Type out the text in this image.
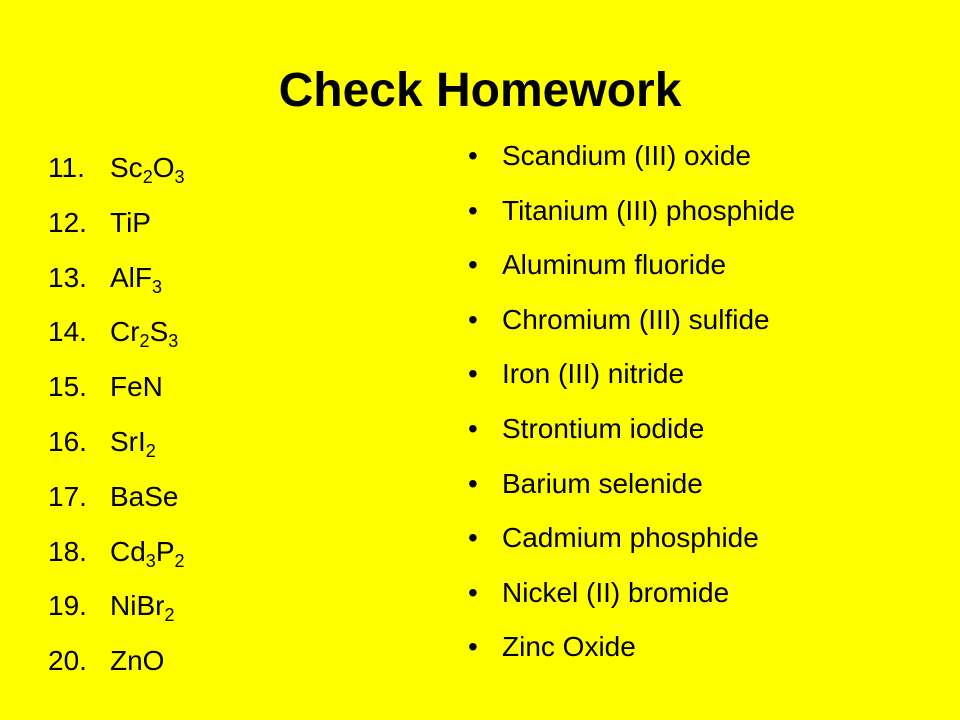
Check Homework
11. $Sc_2O_3$
12. TiP
13. AlF$_3$
14. $Cr_2S_3$
15. FeN
16. SrI$_2$
17. BaSe
18. $Cd_3P_2$
19. NiBr$_2$
20. ZnO
• Scandium (III) oxide
• Titanium (III) phosphide
• Aluminum fluoride
• Chromium (III) sulfide
• Iron (III) nitride
• Strontium iodide
• Barium selenide
• Cadmium phosphide
• Nickel (II) bromide
• Zinc Oxide
